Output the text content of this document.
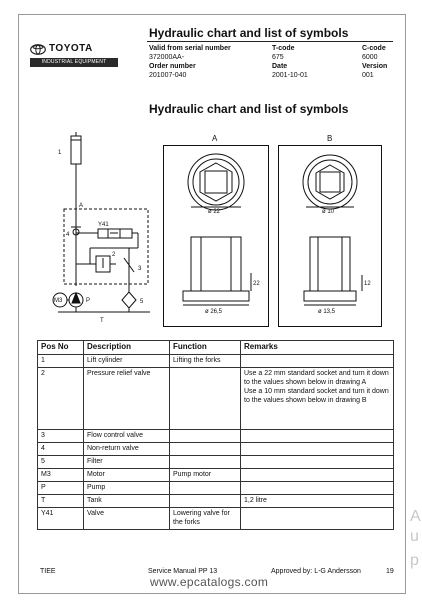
TOYOTA
INDUSTRIAL EQUIPMENT
Hydraulic chart and list of symbols
Valid from serial number
372000AA-
T-code
675
C-code
6000
Order number
201007-040
Date
2001-10-01
Version
001
Hydraulic chart and list of symbols
1
A
4
Y41
2
3
M3	P	5
T
A
ø 22
22
ø 26,5
B
ø 10
12
ø 13,5
Pos No	Description	Function	Remarks
1	Lift cylinder	Lifting the forks	
2	Pressure relief valve		Use a 22 mm standard socket and turn it down to the values shown below in drawing A
Use a 10 mm standard socket and turn it down to the values shown below in drawing B
3	Flow control valve		
4	Non-return valve		
5	Filter		
M3	Motor	Pump motor	
P	Pump		
T	Tank		1,2 litre
Y41	Valve	Lowering valve for the forks	
TIEE	Service Manual PP 13	Approved by: L-G Andersson	19
www.epcatalogs.com
A
u
p
